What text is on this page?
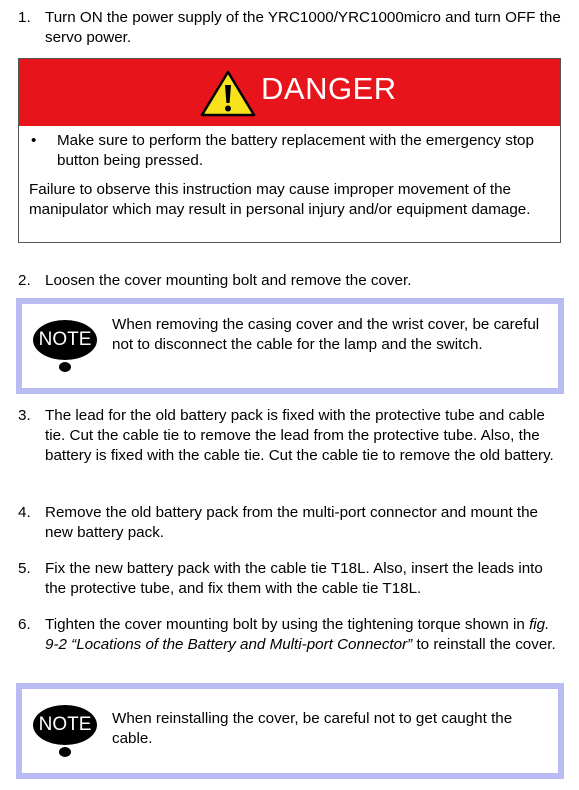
1. Turn ON the power supply of the YRC1000/YRC1000micro and turn OFF the servo power.
DANGER
•	Make sure to perform the battery replacement with the emergency stop button being pressed.
Failure to observe this instruction may cause improper movement of the manipulator which may result in personal injury and/or equipment damage.
2. Loosen the cover mounting bolt and remove the cover.
NOTE
When removing the casing cover and the wrist cover, be careful not to disconnect the cable for the lamp and the switch.
3. The lead for the old battery pack is fixed with the protective tube and cable tie. Cut the cable tie to remove the lead from the protective tube. Also, the battery is fixed with the cable tie. Cut the cable tie to remove the old battery.
4. Remove the old battery pack from the multi-port connector and mount the new battery pack.
5. Fix the new battery pack with the cable tie T18L. Also, insert the leads into the protective tube, and fix them with the cable tie T18L.
6. Tighten the cover mounting bolt by using the tightening torque shown in fig. 9-2 “Locations of the Battery and Multi-port Connector” to reinstall the cover.
NOTE	When reinstalling the cover, be careful not to get caught the cable.
